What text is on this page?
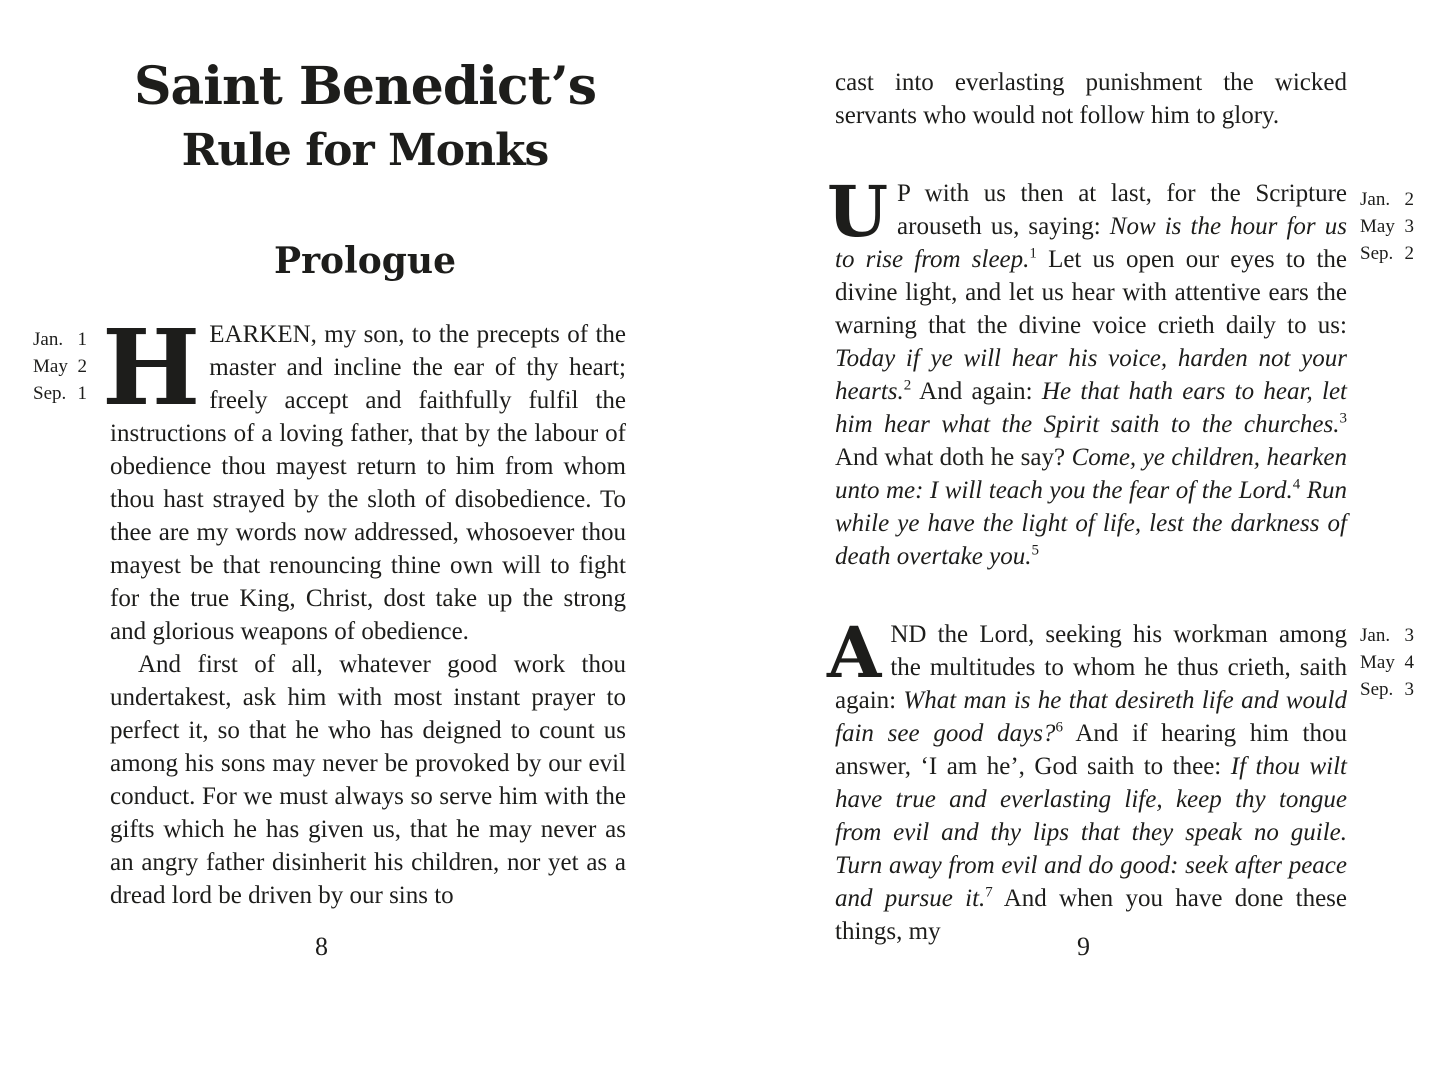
Saint Benedict’s
Rule for Monks
Prologue
Jan. 1
May 2
Sep. 1 HEARKEN, my son, to the precepts of the master and incline the ear of thy heart; freely accept and faithfully fulfil the instructions of a loving father, that by the labour of obedience thou mayest return to him from whom thou hast strayed by the sloth of disobedience. To thee are my words now addressed, whosoever thou mayest be that renouncing thine own will to fight for the true King, Christ, dost take up the strong and glorious weapons of obedience.

And first of all, whatever good work thou undertakest, ask him with most instant prayer to perfect it, so that he who has deigned to count us among his sons may never be provoked by our evil conduct. For we must always so serve him with the gifts which he has given us, that he may never as an angry father disinherit his children, nor yet as a dread lord be driven by our sins to

8
Jan. 2
May 3
Sep. 2
Jan. 3
May 4
Sep. 3

cast into everlasting punishment the wicked servants who would not follow him to glory.

U P with us then at last, for the Scripture arouseth us, saying: Now is the hour for us to rise from sleep.$^1$ Let us open our eyes to the divine light, and let us hear with attentive ears the warning that the divine voice crieth daily to us: Today if ye will hear his voice, harden not your hearts.$^2$ And again: He that hath ears to hear, let him hear what the Spirit saith to the churches.$^3$ And what doth he say? Come, ye children, hearken unto me: I will teach you the fear of the Lord.$^4$ Run while ye have the light of life, lest the darkness of death overtake you.$^5$

AND the Lord, seeking his workman among the multitudes to whom he thus crieth, saith again: What man is he that desireth life and would fain see good days?$^6$ And if hearing him thou answer, ‘I am he’, God saith to thee: If thou wilt have true and everlasting life, keep thy tongue from evil and thy lips that they speak no guile. Turn away from evil and do good: seek after peace and pursue it.$^7$ And when you have done these things, my

9
